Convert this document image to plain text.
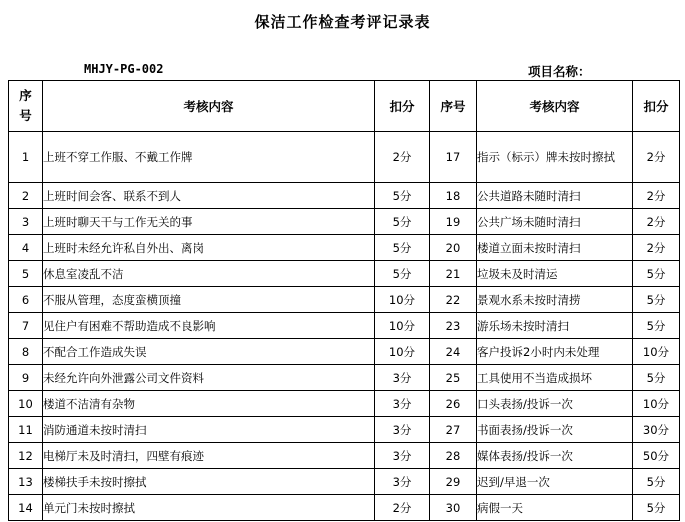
保洁工作检查考评记录表
MHJY-PG-002	项目名称：
序号	考核内容	扣分	序号	考核内容	扣分
1	上班不穿工作服、不戴工作牌	2分	17	指示（标示）牌未按时擦拭	2分
2	上班时间会客、联系不到人	5分	18	公共道路未随时清扫	2分
3	上班时聊天干与工作无关的事	5分	19	公共广场未随时清扫	2分
4	上班时未经允许私自外出、离岗	5分	20	楼道立面未按时清扫	2分
5	休息室凌乱不洁	5分	21	垃圾未及时清运	5分
6	不服从管理，态度蛮横顶撞	10分	22	景观水系未按时清捞	5分
7	见住户有困难不帮助造成不良影响	10分	23	游乐场未按时清扫	5分
8	不配合工作造成失误	10分	24	客户投诉2小时内未处理	10分
9	未经允许向外泄露公司文件资料	3分	25	工具使用不当造成损坏	5分
10	楼道不洁清有杂物	3分	26	口头表扬/投诉一次	10分
11	消防通道未按时清扫	3分	27	书面表扬/投诉一次	30分
12	电梯厅未及时清扫，四壁有痕迹	3分	28	媒体表扬/投诉一次	50分
13	楼梯扶手未按时擦拭	3分	29	迟到/早退一次	5分
14	单元门未按时擦拭	2分	30	病假一天	5分
